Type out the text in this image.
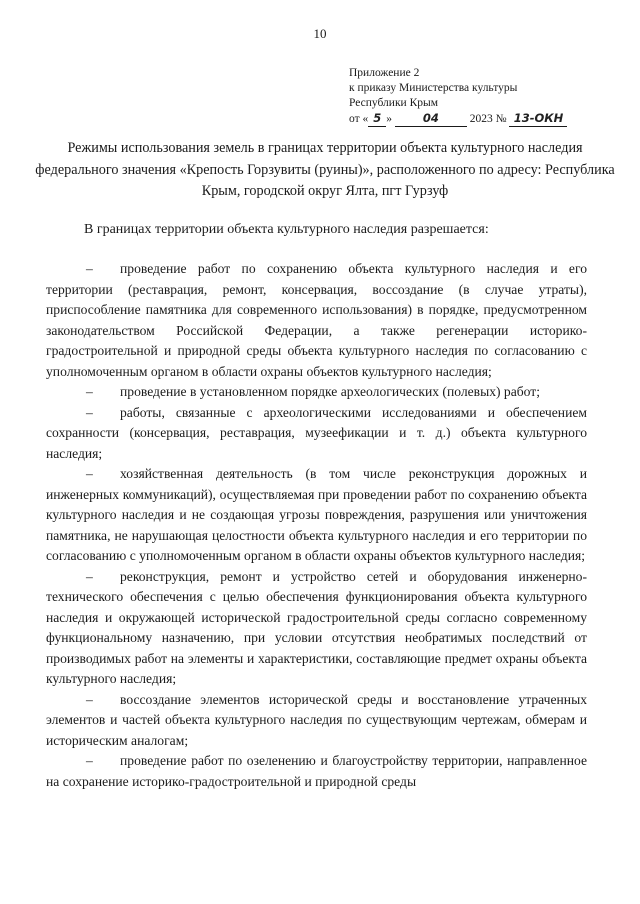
10
Приложение 2
к приказу Министерства культуры
Республики Крым
от « 5 »	04	2023 № 13-ОКН
Режимы использования земель в границах территории объекта культурного наследия федерального значения «Крепость Горзувиты (руины)», расположенного по адресу: Республика Крым, городской округ Ялта, пгт Гурзуф
В границах территории объекта культурного наследия разрешается:

– проведение работ по сохранению объекта культурного наследия и его территории (реставрация, ремонт, консервация, воссоздание (в случае утраты), приспособление памятника для современного использования) в порядке, предусмотренном законодательством Российской Федерации, а также регенерации историко-градостроительной и природной среды объекта культурного наследия по согласованию с уполномоченным органом в области охраны объектов культурного наследия;

– проведение в установленном порядке археологических (полевых) работ;

– работы, связанные с археологическими исследованиями и обеспечением сохранности (консервация, реставрация, музеефикации и т. д.) объекта культурного наследия;

– хозяйственная деятельность (в том числе реконструкция дорожных и инженерных коммуникаций), осуществляемая при проведении работ по сохранению объекта культурного наследия и не создающая угрозы повреждения, разрушения или уничтожения памятника, не нарушающая целостности объекта культурного наследия и его территории по согласованию с уполномоченным органом в области охраны объектов культурного наследия;

– реконструкция, ремонт и устройство сетей и оборудования инженерно-технического обеспечения с целью обеспечения функционирования объекта культурного наследия и окружающей исторической градостроительной среды согласно современному функциональному назначению, при условии отсутствия необратимых последствий от производимых работ на элементы и характеристики, составляющие предмет охраны объекта культурного наследия;

– воссоздание элементов исторической среды и восстановление утраченных элементов и частей объекта культурного наследия по существующим чертежам, обмерам и историческим аналогам;

– проведение работ по озеленению и благоустройству территории, направленное на сохранение историко-градостроительной и природной среды
